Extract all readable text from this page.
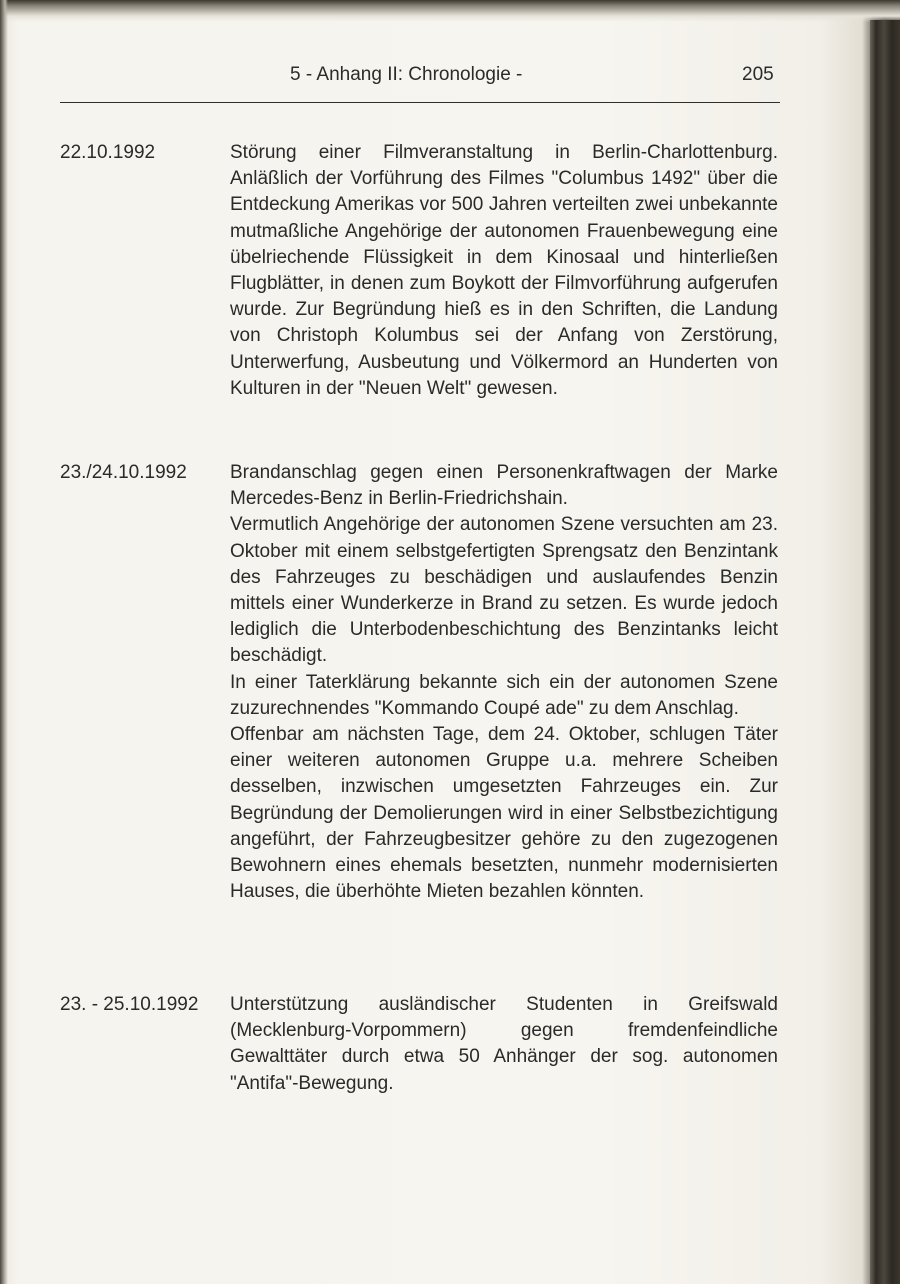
5 - Anhang II: Chronologie -	205
22.10.1992	Störung einer Filmveranstaltung in Berlin-Charlottenburg. Anläßlich der Vorführung des Filmes "Columbus 1492" über die Entdeckung Amerikas vor 500 Jahren verteilten zwei unbekannte mutmaßliche Angehörige der autonomen Frauenbewegung eine übelriechende Flüssigkeit in dem Kinosaal und hinterließen Flugblätter, in denen zum Boykott der Filmvorführung aufgerufen wurde. Zur Begründung hieß es in den Schriften, die Landung von Christoph Kolumbus sei der Anfang von Zerstörung, Unterwerfung, Ausbeutung und Völkermord an Hunderten von Kulturen in der "Neuen Welt" gewesen.

23./24.10.1992 Brandanschlag gegen einen Personenkraftwagen der Marke Mercedes-Benz in Berlin-Friedrichshain.

Vermutlich Angehörige der autonomen Szene versuchten am 23. Oktober mit einem selbstgefertigten Sprengsatz den Benzintank des Fahrzeuges zu beschädigen und auslaufendes Benzin mittels einer Wunderkerze in Brand zu setzen. Es wurde jedoch lediglich die Unterbodenbeschichtung des Benzintanks leicht beschädigt.

In einer Taterklärung bekannte sich ein der autonomen Szene zuzurechnendes "Kommando Coupé ade" zu dem Anschlag.

Offenbar am nächsten Tage, dem 24. Oktober, schlugen Täter einer weiteren autonomen Gruppe u.a. mehrere Scheiben desselben, inzwischen umgesetzten Fahrzeuges ein. Zur Begründung der Demolierungen wird in einer Selbstbezichtigung angeführt, der Fahrzeugbesitzer gehöre zu den zugezogenen Bewohnern eines ehemals besetzten, nunmehr modernisierten Hauses, die überhöhte Mieten bezahlen könnten.

23. - 25.10.1992 Unterstützung ausländischer Studenten in Greifswald (Mecklenburg-Vorpommern) gegen fremdenfeindliche Gewalttäter durch etwa 50 Anhänger der sog. autonomen "Antifa"-Bewegung.
